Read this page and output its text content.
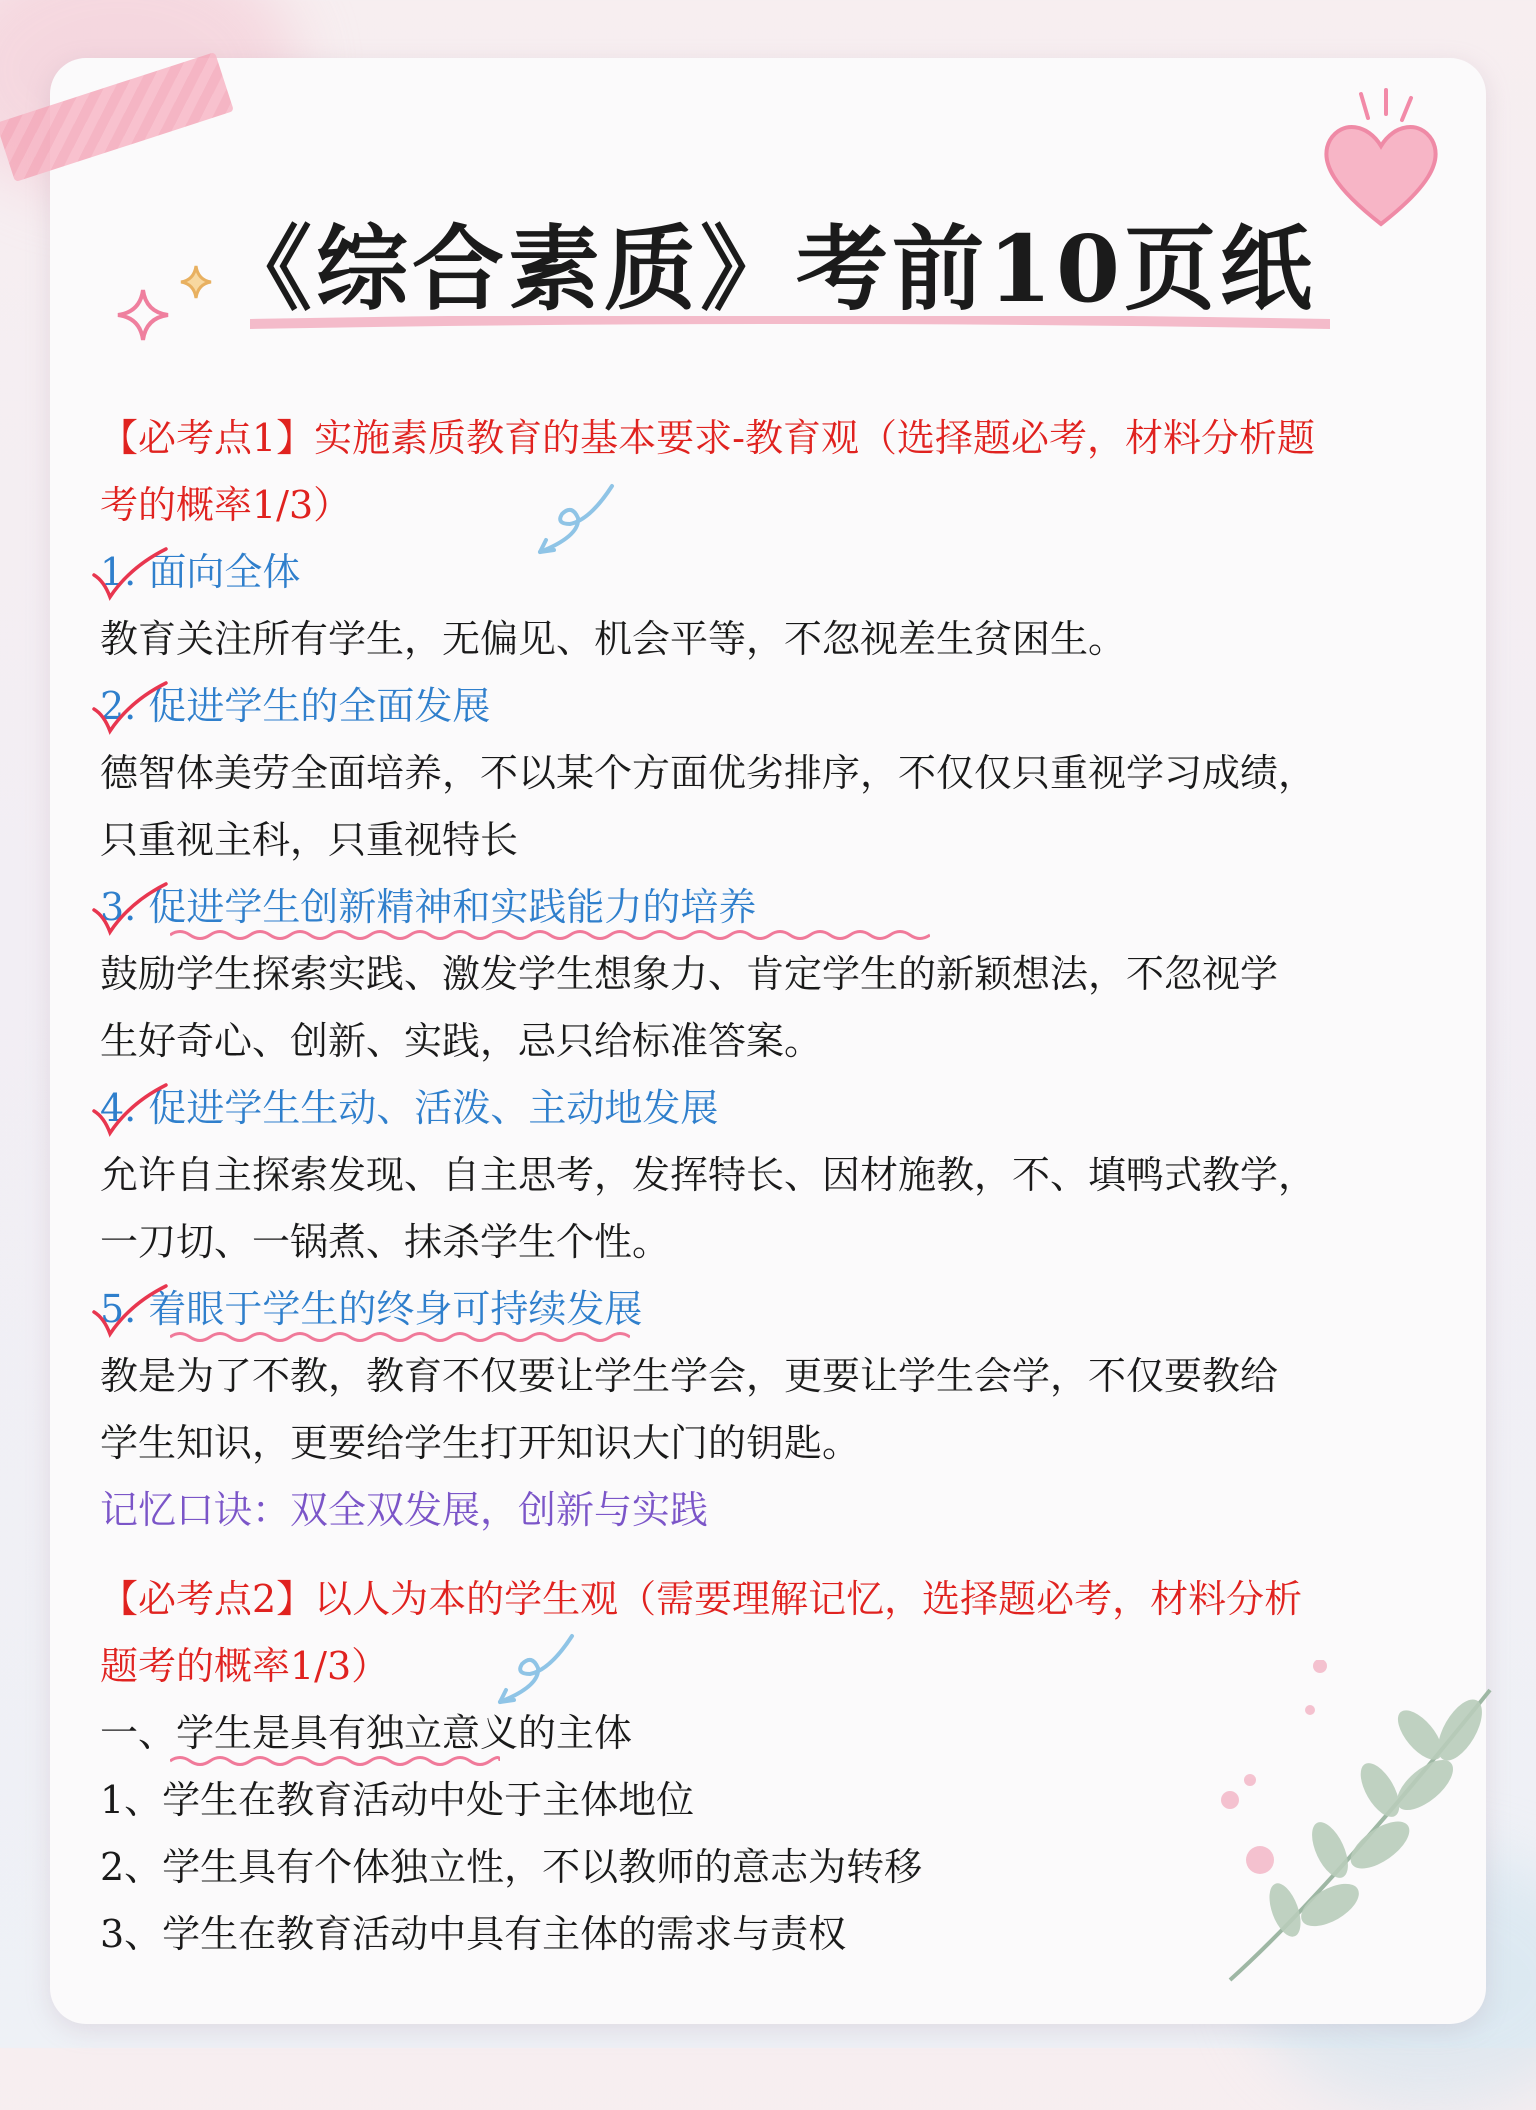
《综合素质》考前10页纸
【必考点1】实施素质教育的基本要求-教育观（选择题必考，材料分析题
考的概率1/3）
1. 面向全体
教育关注所有学生，无偏见、机会平等，不忽视差生贫困生。
2. 促进学生的全面发展
德智体美劳全面培养，不以某个方面优劣排序，不仅仅只重视学习成绩，
只重视主科，只重视特长
3. 促进学生创新精神和实践能力的培养
鼓励学生探索实践、激发学生想象力、肯定学生的新颖想法，不忽视学
生好奇心、创新、实践，忌只给标准答案。
4. 促进学生生动、活泼、主动地发展
允许自主探索发现、自主思考，发挥特长、因材施教，不、填鸭式教学，
一刀切、一锅煮、抹杀学生个性。
5. 着眼于学生的终身可持续发展
教是为了不教，教育不仅要让学生学会，更要让学生会学，不仅要教给
学生知识，更要给学生打开知识大门的钥匙。
记忆口诀：双全双发展，创新与实践
【必考点2】以人为本的学生观（需要理解记忆，选择题必考，材料分析
题考的概率1/3）
一、学生是具有独立意义的主体
1、学生在教育活动中处于主体地位
2、学生具有个体独立性，不以教师的意志为转移
3、学生在教育活动中具有主体的需求与责权
